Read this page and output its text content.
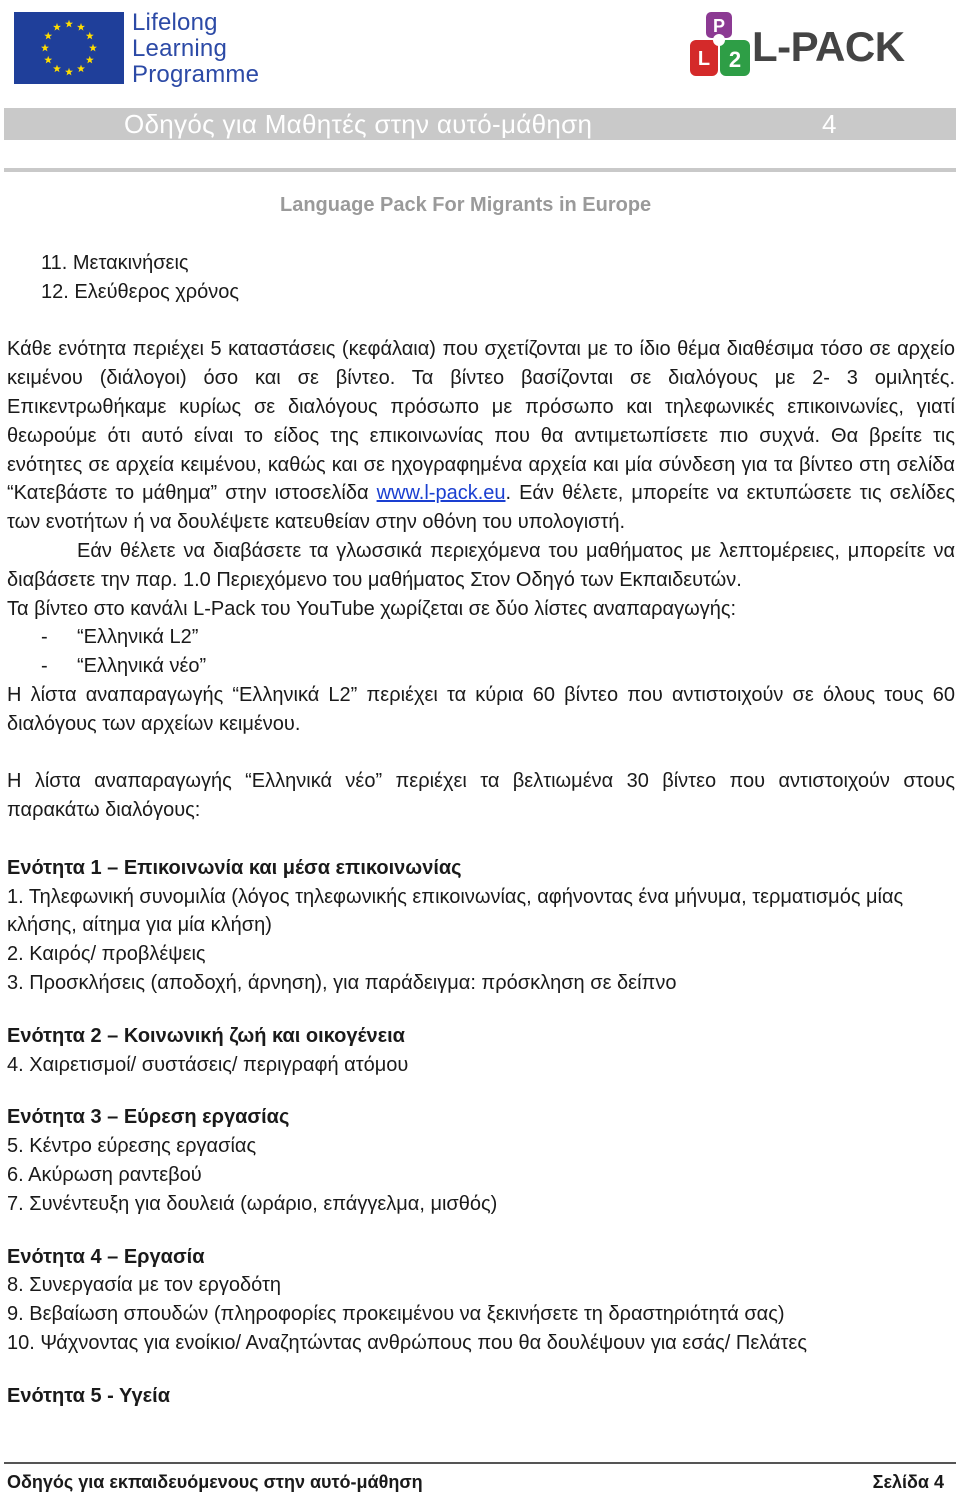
Lifelong
Learning
Programme
P
L 2 L-PACK
Οδηγός για Μαθητές στην αυτό-μάθηση	4
Language Pack For Migrants in Europe

11. Μετακινήσεις

12. Ελεύθερος χρόνος

Κάθε ενότητα περιέχει 5 καταστάσεις (κεφάλαια) που σχετίζονται με το ίδιο θέμα διαθέσιμα τόσο σε αρχείο κειμένου (διάλογοι) όσο και σε βίντεο. Τα βίντεο βασίζονται σε διαλόγους με 2- 3 ομιλητές. Επικεντρωθήκαμε κυρίως σε διαλόγους πρόσωπο με πρόσωπο και τηλεφωνικές επικοινωνίες, γιατί θεωρούμε ότι αυτό είναι το είδος της επικοινωνίας που θα αντιμετωπίσετε πιο συχνά. Θα βρείτε τις ενότητες σε αρχεία κειμένου, καθώς και σε ηχογραφημένα αρχεία και μία σύνδεση για τα βίντεο στη σελίδα “Κατεβάστε το μάθημα” στην ιστοσελίδα www.l-pack.eu. Εάν θέλετε, μπορείτε να εκτυπώσετε τις σελίδες των ενοτήτων ή να δουλέψετε κατευθείαν στην οθόνη του υπολογιστή.

Εάν θέλετε να διαβάσετε τα γλωσσικά περιεχόμενα του μαθήματος με λεπτομέρειες, μπορείτε να διαβάσετε την παρ. 1.0 Περιεχόμενο του μαθήματος Στον Οδηγό των Εκπαιδευτών.

Τα βίντεο στο κανάλι L-Pack του YouTube χωρίζεται σε δύο λίστες αναπαραγωγής:

- “Ελληνικά L2”

- “Ελληνικά νέο”

Η λίστα αναπαραγωγής “Ελληνικά L2” περιέχει τα κύρια 60 βίντεο που αντιστοιχούν σε όλους τους 60 διαλόγους των αρχείων κειμένου.

Η λίστα αναπαραγωγής “Ελληνικά νέο” περιέχει τα βελτιωμένα 30 βίντεο που αντιστοιχούν στους παρακάτω διαλόγους:

Ενότητα 1 – Επικοινωνία και μέσα επικοινωνίας

1. Τηλεφωνική συνομιλία (λόγος τηλεφωνικής επικοινωνίας, αφήνοντας ένα μήνυμα, τερματισμός μίας κλήσης, αίτημα για μία κλήση)

2. Καιρός/ προβλέψεις

3. Προσκλήσεις (αποδοχή, άρνηση), για παράδειγμα: πρόσκληση σε δείπνο

Ενότητα 2 – Κοινωνική ζωή και οικογένεια

4. Χαιρετισμοί/ συστάσεις/ περιγραφή ατόμου

Ενότητα 3 – Εύρεση εργασίας

5. Κέντρο εύρεσης εργασίας

6. Ακύρωση ραντεβού

7. Συνέντευξη για δουλειά (ωράριο, επάγγελμα, μισθός)

Ενότητα 4 – Εργασία

8. Συνεργασία με τον εργοδότη

9. Βεβαίωση σπουδών (πληροφορίες προκειμένου να ξεκινήσετε τη δραστηριότητά σας)

10. Ψάχνοντας για ενοίκιο/ Αναζητώντας ανθρώπους που θα δουλέψουν για εσάς/ Πελάτες

Ενότητα 5 - Υγεία

Οδηγός για εκπαιδευόμενους στην αυτό-μάθηση	Σελίδα 4
